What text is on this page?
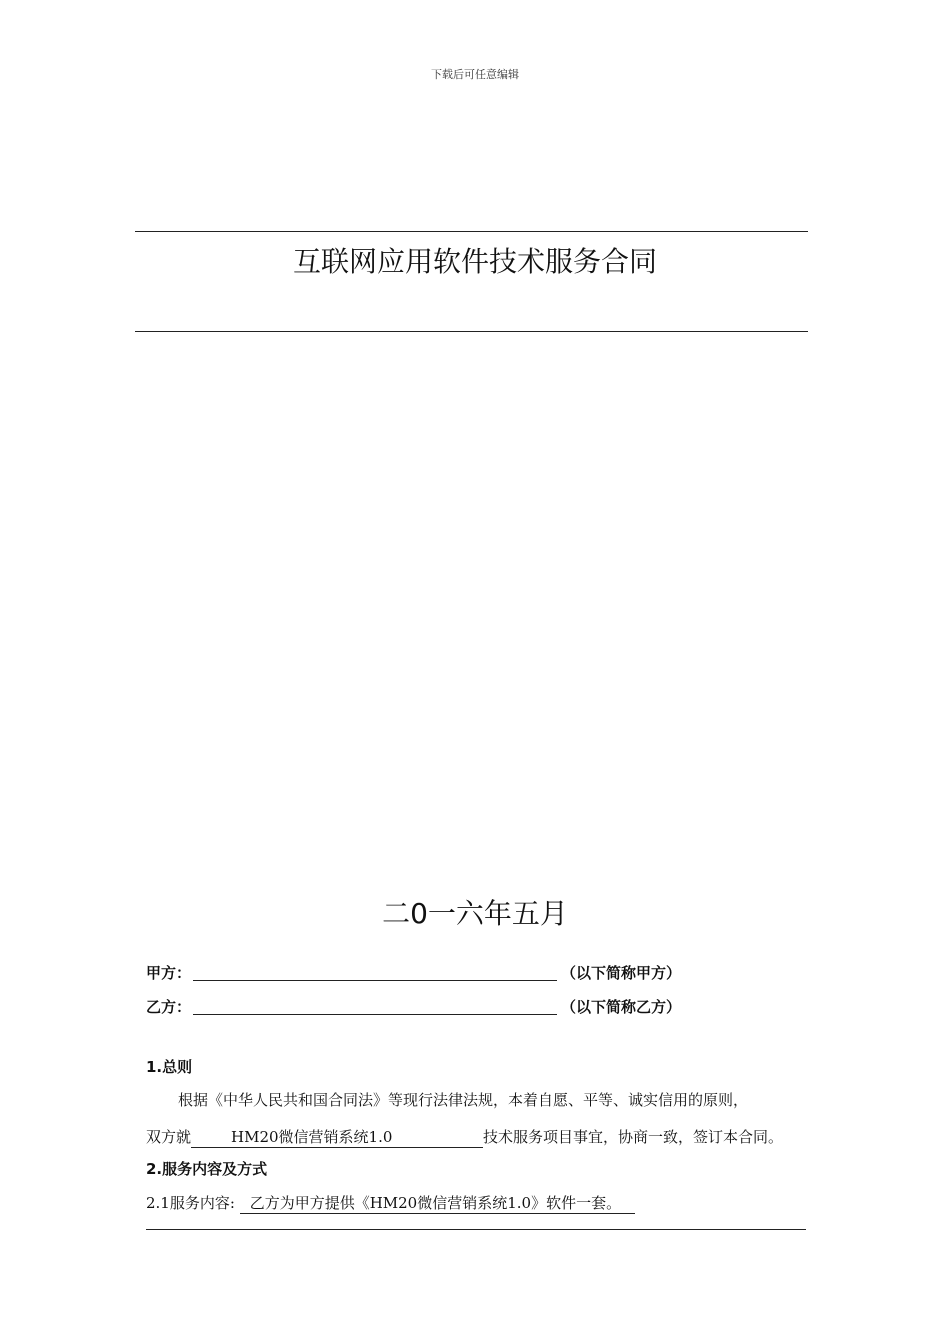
下载后可任意编辑
互联网应用软件技术服务合同
二0一六年五月
甲方：	（以下简称甲方）
乙方：	（以下简称乙方）
1.总则
根据《中华人民共和国合同法》等现行法律法规，本着自愿、平等、诚实信用的原则，
双方就	HM20微信营销系统1.0	技术服务项目事宜，协商一致，签订本合同。
2.服务内容及方式
2.1服务内容: 乙方为甲方提供《HM20微信营销系统1.0》软件一套。
